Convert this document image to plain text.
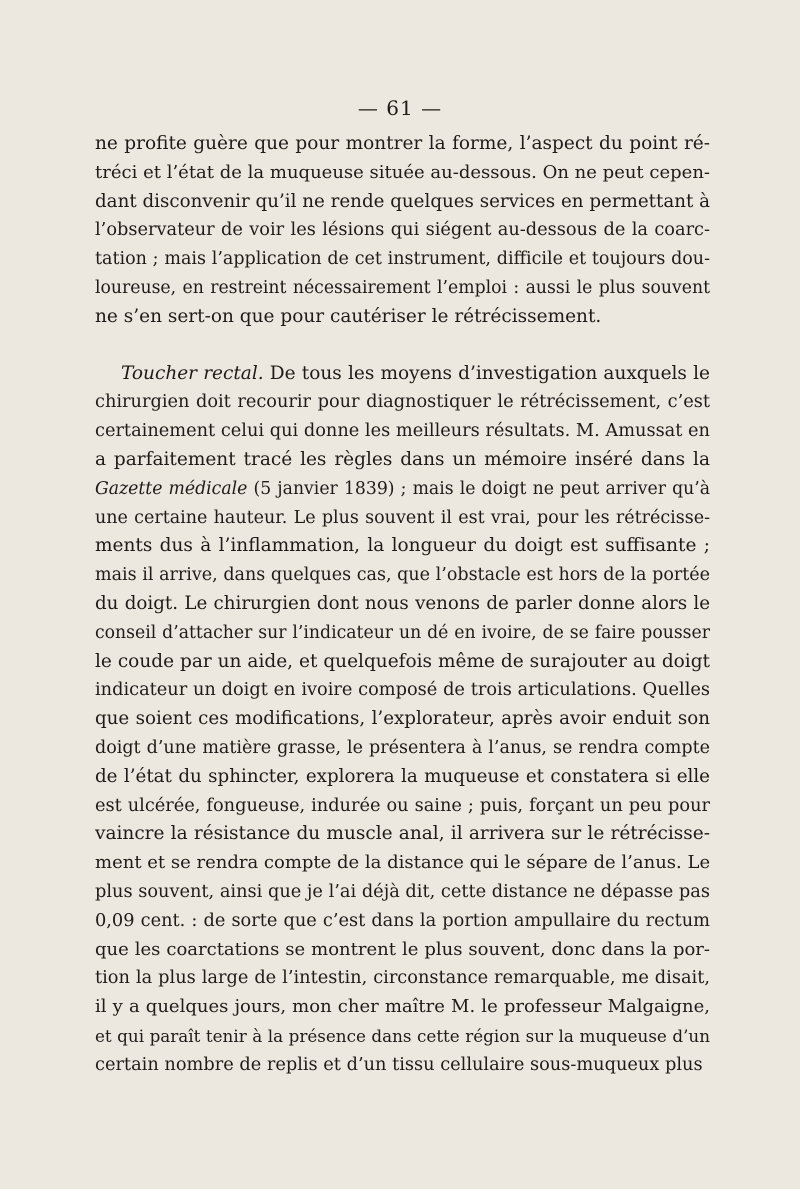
— 61 —
ne profite guère que pour montrer la forme, l’aspect du point ré-
tréci et l’état de la muqueuse située au-dessous. On ne peut cepen-
dant disconvenir qu’il ne rende quelques services en permettant à
l’observateur de voir les lésions qui siégent au-dessous de la coarc-
tation ; mais l’application de cet instrument, difficile et toujours dou-
loureuse, en restreint nécessairement l’emploi : aussi le plus souvent
ne s’en sert-on que pour cautériser le rétrécissement.
Toucher rectal. De tous les moyens d’investigation auxquels le
chirurgien doit recourir pour diagnostiquer le rétrécissement, c’est
certainement celui qui donne les meilleurs résultats. M. Amussat en
a parfaitement tracé les règles dans un mémoire inséré dans la
Gazette médicale (5 janvier 1839) ; mais le doigt ne peut arriver qu’à
une certaine hauteur. Le plus souvent il est vrai, pour les rétrécisse-
ments dus à l’inflammation, la longueur du doigt est suffisante ;
mais il arrive, dans quelques cas, que l’obstacle est hors de la portée
du doigt. Le chirurgien dont nous venons de parler donne alors le
conseil d’attacher sur l’indicateur un dé en ivoire, de se faire pousser
le coude par un aide, et quelquefois même de surajouter au doigt
indicateur un doigt en ivoire composé de trois articulations. Quelles
que soient ces modifications, l’explorateur, après avoir enduit son
doigt d’une matière grasse, le présentera à l’anus, se rendra compte
de l’état du sphincter, explorera la muqueuse et constatera si elle
est ulcérée, fongueuse, indurée ou saine ; puis, forçant un peu pour
vaincre la résistance du muscle anal, il arrivera sur le rétrécisse-
ment et se rendra compte de la distance qui le sépare de l’anus. Le
plus souvent, ainsi que je l’ai déjà dit, cette distance ne dépasse pas
0,09 cent. : de sorte que c’est dans la portion ampullaire du rectum
que les coarctations se montrent le plus souvent, donc dans la por-
tion la plus large de l’intestin, circonstance remarquable, me disait,
il y a quelques jours, mon cher maître M. le professeur Malgaigne,
et qui paraît tenir à la présence dans cette région sur la muqueuse d’un
certain nombre de replis et d’un tissu cellulaire sous-muqueux plus
